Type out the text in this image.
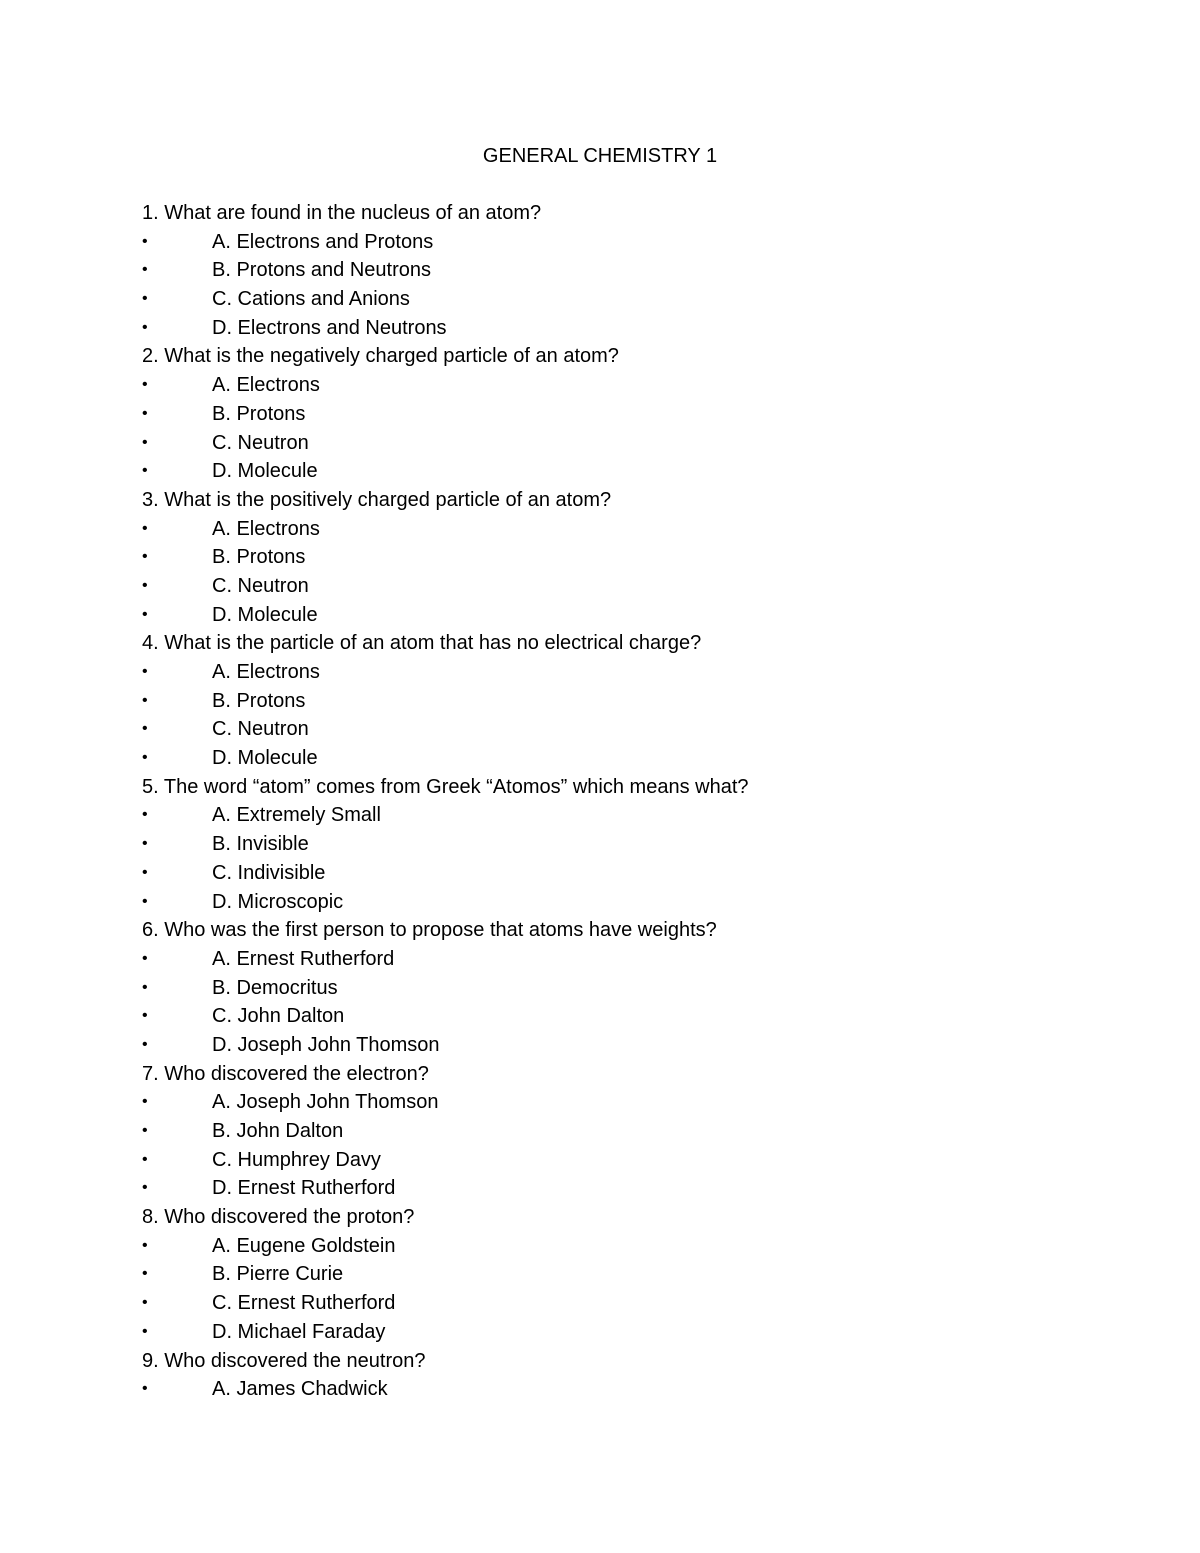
GENERAL CHEMISTRY 1
1. What are found in the nucleus of an atom?
•	A. Electrons and Protons
•	B. Protons and Neutrons
•	C. Cations and Anions
•	D. Electrons and Neutrons
2. What is the negatively charged particle of an atom?
•	A. Electrons
•	B. Protons
•	C. Neutron
•	D. Molecule
3. What is the positively charged particle of an atom?
•	A. Electrons
•	B. Protons
•	C. Neutron
•	D. Molecule
4. What is the particle of an atom that has no electrical charge?
•	A. Electrons
•	B. Protons
•	C. Neutron
•	D. Molecule
5. The word “atom” comes from Greek “Atomos” which means what?
•	A. Extremely Small
•	B. Invisible
•	C. Indivisible
•	D. Microscopic
6. Who was the first person to propose that atoms have weights?
•	A. Ernest Rutherford
•	B. Democritus
•	C. John Dalton
•	D. Joseph John Thomson
7. Who discovered the electron?
•	A. Joseph John Thomson
•	B. John Dalton
•	C. Humphrey Davy
•	D. Ernest Rutherford
8. Who discovered the proton?
•	A. Eugene Goldstein
•	B. Pierre Curie
•	C. Ernest Rutherford
•	D. Michael Faraday
9. Who discovered the neutron?
•	A. James Chadwick
